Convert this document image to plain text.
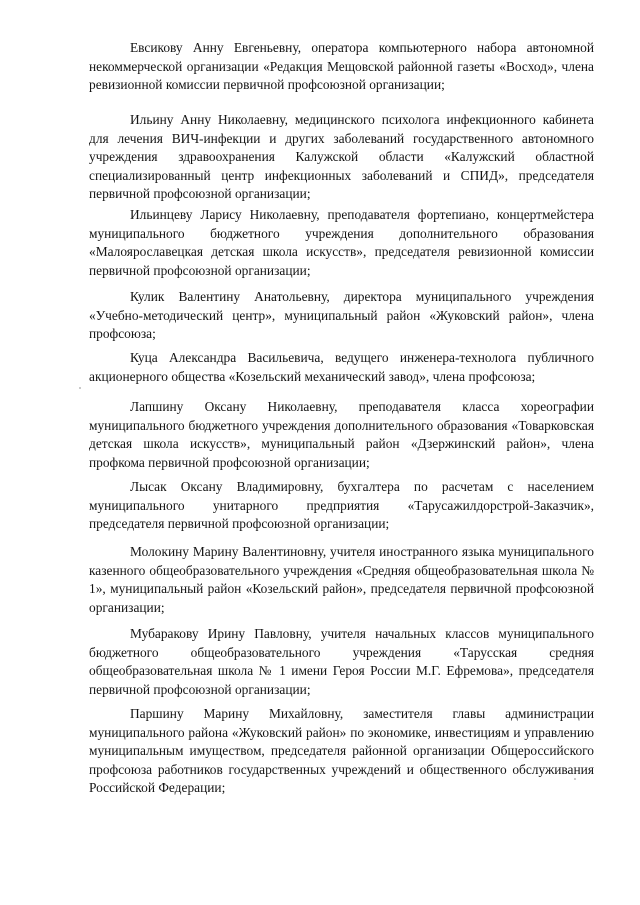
Евсикову Анну Евгеньевну, оператора компьютерного набора автономной некоммерческой организации «Редакция Мещовской районной газеты «Восход», члена ревизионной комиссии первичной профсоюзной организации;

Ильину Анну Николаевну, медицинского психолога инфекционного кабинета для лечения ВИЧ-инфекции и других заболеваний государственного автономного учреждения здравоохранения Калужской области «Калужский областной специализированный центр инфекционных заболеваний и СПИД», председателя первичной профсоюзной организации;

Ильинцеву Ларису Николаевну, преподавателя фортепиано, концертмейстера муниципального бюджетного учреждения дополнительного образования «Малоярославецкая детская школа искусств», председателя ревизионной комиссии первичной профсоюзной организации;

Кулик Валентину Анатольевну, директора муниципального учреждения «Учебно-методический центр», муниципальный район «Жуковский район», члена профсоюза;

Куца Александра Васильевича, ведущего инженера-технолога публичного акционерного общества «Козельский механический завод», члена профсоюза;

Лапшину Оксану Николаевну, преподавателя класса хореографии муниципального бюджетного учреждения дополнительного образования «Товарковская детская школа искусств», муниципальный район «Дзержинский район», члена профкома первичной профсоюзной организации;

Лысак Оксану Владимировну, бухгалтера по расчетам с населением муниципального унитарного предприятия «Тарусажилдорстрой-Заказчик», председателя первичной профсоюзной организации;

Молокину Марину Валентиновну, учителя иностранного языка муниципального казенного общеобразовательного учреждения «Средняя общеобразовательная школа № 1», муниципальный район «Козельский район», председателя первичной профсоюзной организации;

Мубаракову Ирину Павловну, учителя начальных классов муниципального бюджетного общеобразовательного учреждения «Тарусская средняя общеобразовательная школа № 1 имени Героя России М.Г. Ефремова», председателя первичной профсоюзной организации;

Паршину Марину Михайловну, заместителя главы администрации муниципального района «Жуковский район» по экономике, инвестициям и управлению муниципальным имуществом, председателя районной организации Общероссийского профсоюза работников государственных учреждений и общественного обслуживания Российской Федерации;
